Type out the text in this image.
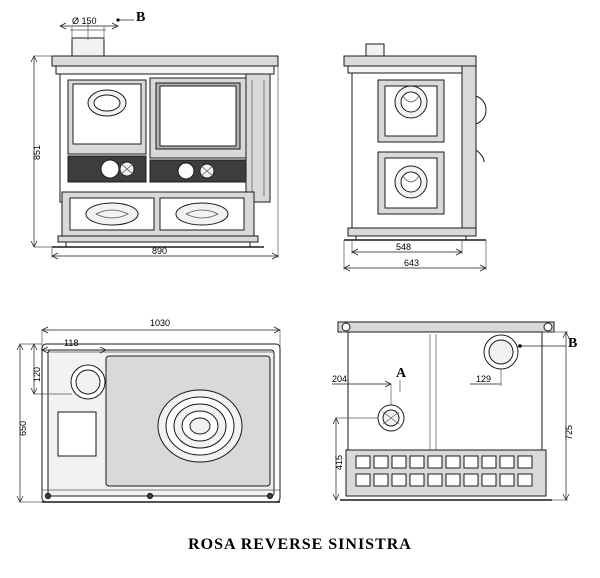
B
Ø 150
851
890	548
643
1030
118
120
650
B
A
204	129
415
725
ROSA REVERSE SINISTRA
